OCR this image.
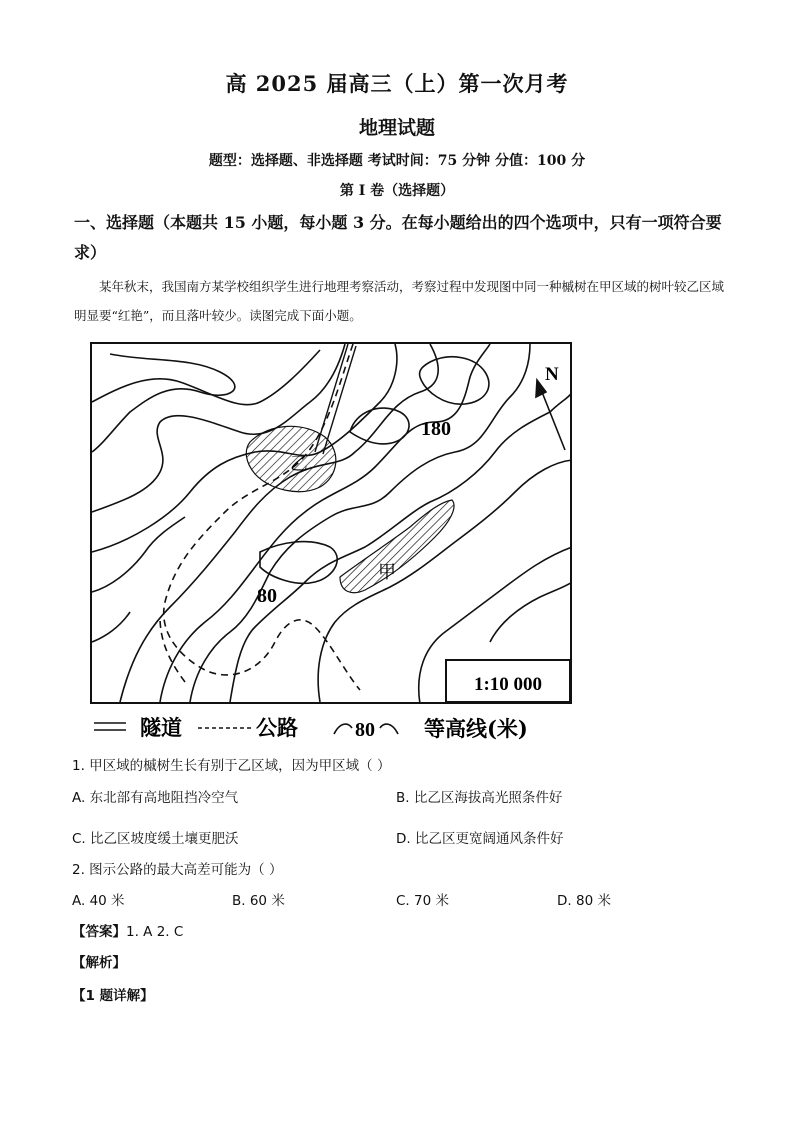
高 2025 届高三（上）第一次月考
地理试题
题型：选择题、非选择题 考试时间：75 分钟 分值：100 分
第 I 卷（选择题）
一、选择题（本题共 15 小题，每小题 3 分。在每小题给出的四个选项中，只有一项符合要求）
某年秋末，我国南方某学校组织学生进行地理考察活动，考察过程中发现图中同一种槭树在甲区域的树叶较乙区域明显要“红艳”，而且落叶较少。读图完成下面小题。
N
180
80
乙
甲
1:10 000
隧道	公路	80 等高线(米)
1. 甲区域的槭树生长有别于乙区域，因为甲区域（ ）
A. 东北部有高地阻挡冷空气	B. 比乙区海拔高光照条件好
C. 比乙区坡度缓土壤更肥沃	D. 比乙区更宽阔通风条件好
2. 图示公路的最大高差可能为（ ）
A. 40 米	B. 60 米	C. 70 米	D. 80 米
【答案】1. A 2. C
【解析】
【1 题详解】
